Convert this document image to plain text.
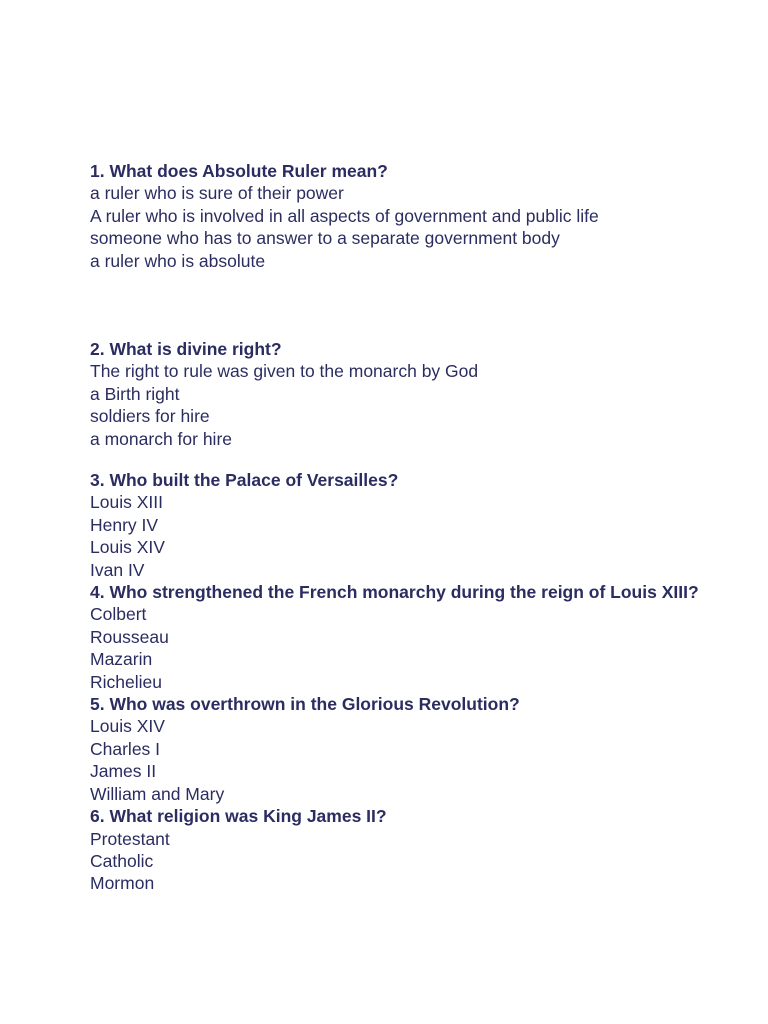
1. What does Absolute Ruler mean?
a ruler who is sure of their power
A ruler who is involved in all aspects of government and public life
someone who has to answer to a separate government body
a ruler who is absolute
2. What is divine right?
The right to rule was given to the monarch by God
a Birth right
soldiers for hire
a monarch for hire
3. Who built the Palace of Versailles?
Louis XIII
Henry IV
Louis XIV
Ivan IV
4. Who strengthened the French monarchy during the reign of Louis XIII?
Colbert
Rousseau
Mazarin
Richelieu
5. Who was overthrown in the Glorious Revolution?
Louis XIV
Charles I
James II
William and Mary
6. What religion was King James II?
Protestant
Catholic
Mormon
